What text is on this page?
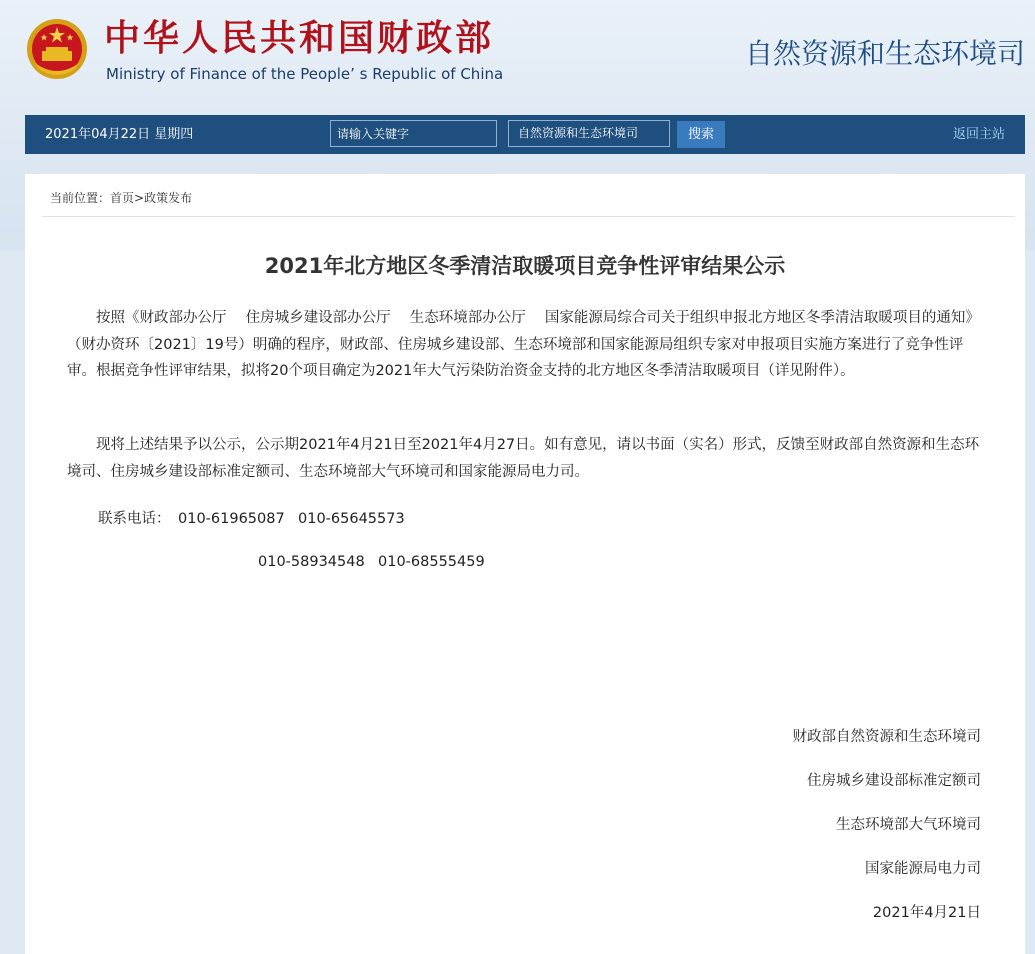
中华人民共和国财政部
Ministry of Finance of the People’ s Republic of China
自然资源和生态环境司
2021年04月22日 星期四
请输入关键字	自然资源和生态环境司	搜索	返回主站
当前位置：首页>政策发布
2021年北方地区冬季清洁取暖项目竞争性评审结果公示

按照《财政部办公厅　 住房城乡建设部办公厅　 生态环境部办公厅　 国家能源局综合司关于组织申报北方地区冬季清洁取暖项目的通知》（财办资环〔2021〕19号）明确的程序，财政部、住房城乡建设部、生态环境部和国家能源局组织专家对申报项目实施方案进行了竞争性评审。根据竞争性评审结果，拟将20个项目确定为2021年大气污染防治资金支持的北方地区冬季清洁取暖项目（详见附件）。

现将上述结果予以公示，公示期2021年4月21日至2021年4月27日。如有意见，请以书面（实名）形式，反馈至财政部自然资源和生态环境司、住房城乡建设部标准定额司、生态环境部大气环境司和国家能源局电力司。

联系电话： 010-61965087 010-65645573
010-58934548 010-68555459
财政部自然资源和生态环境司
住房城乡建设部标准定额司
生态环境部大气环境司
国家能源局电力司
2021年4月21日
